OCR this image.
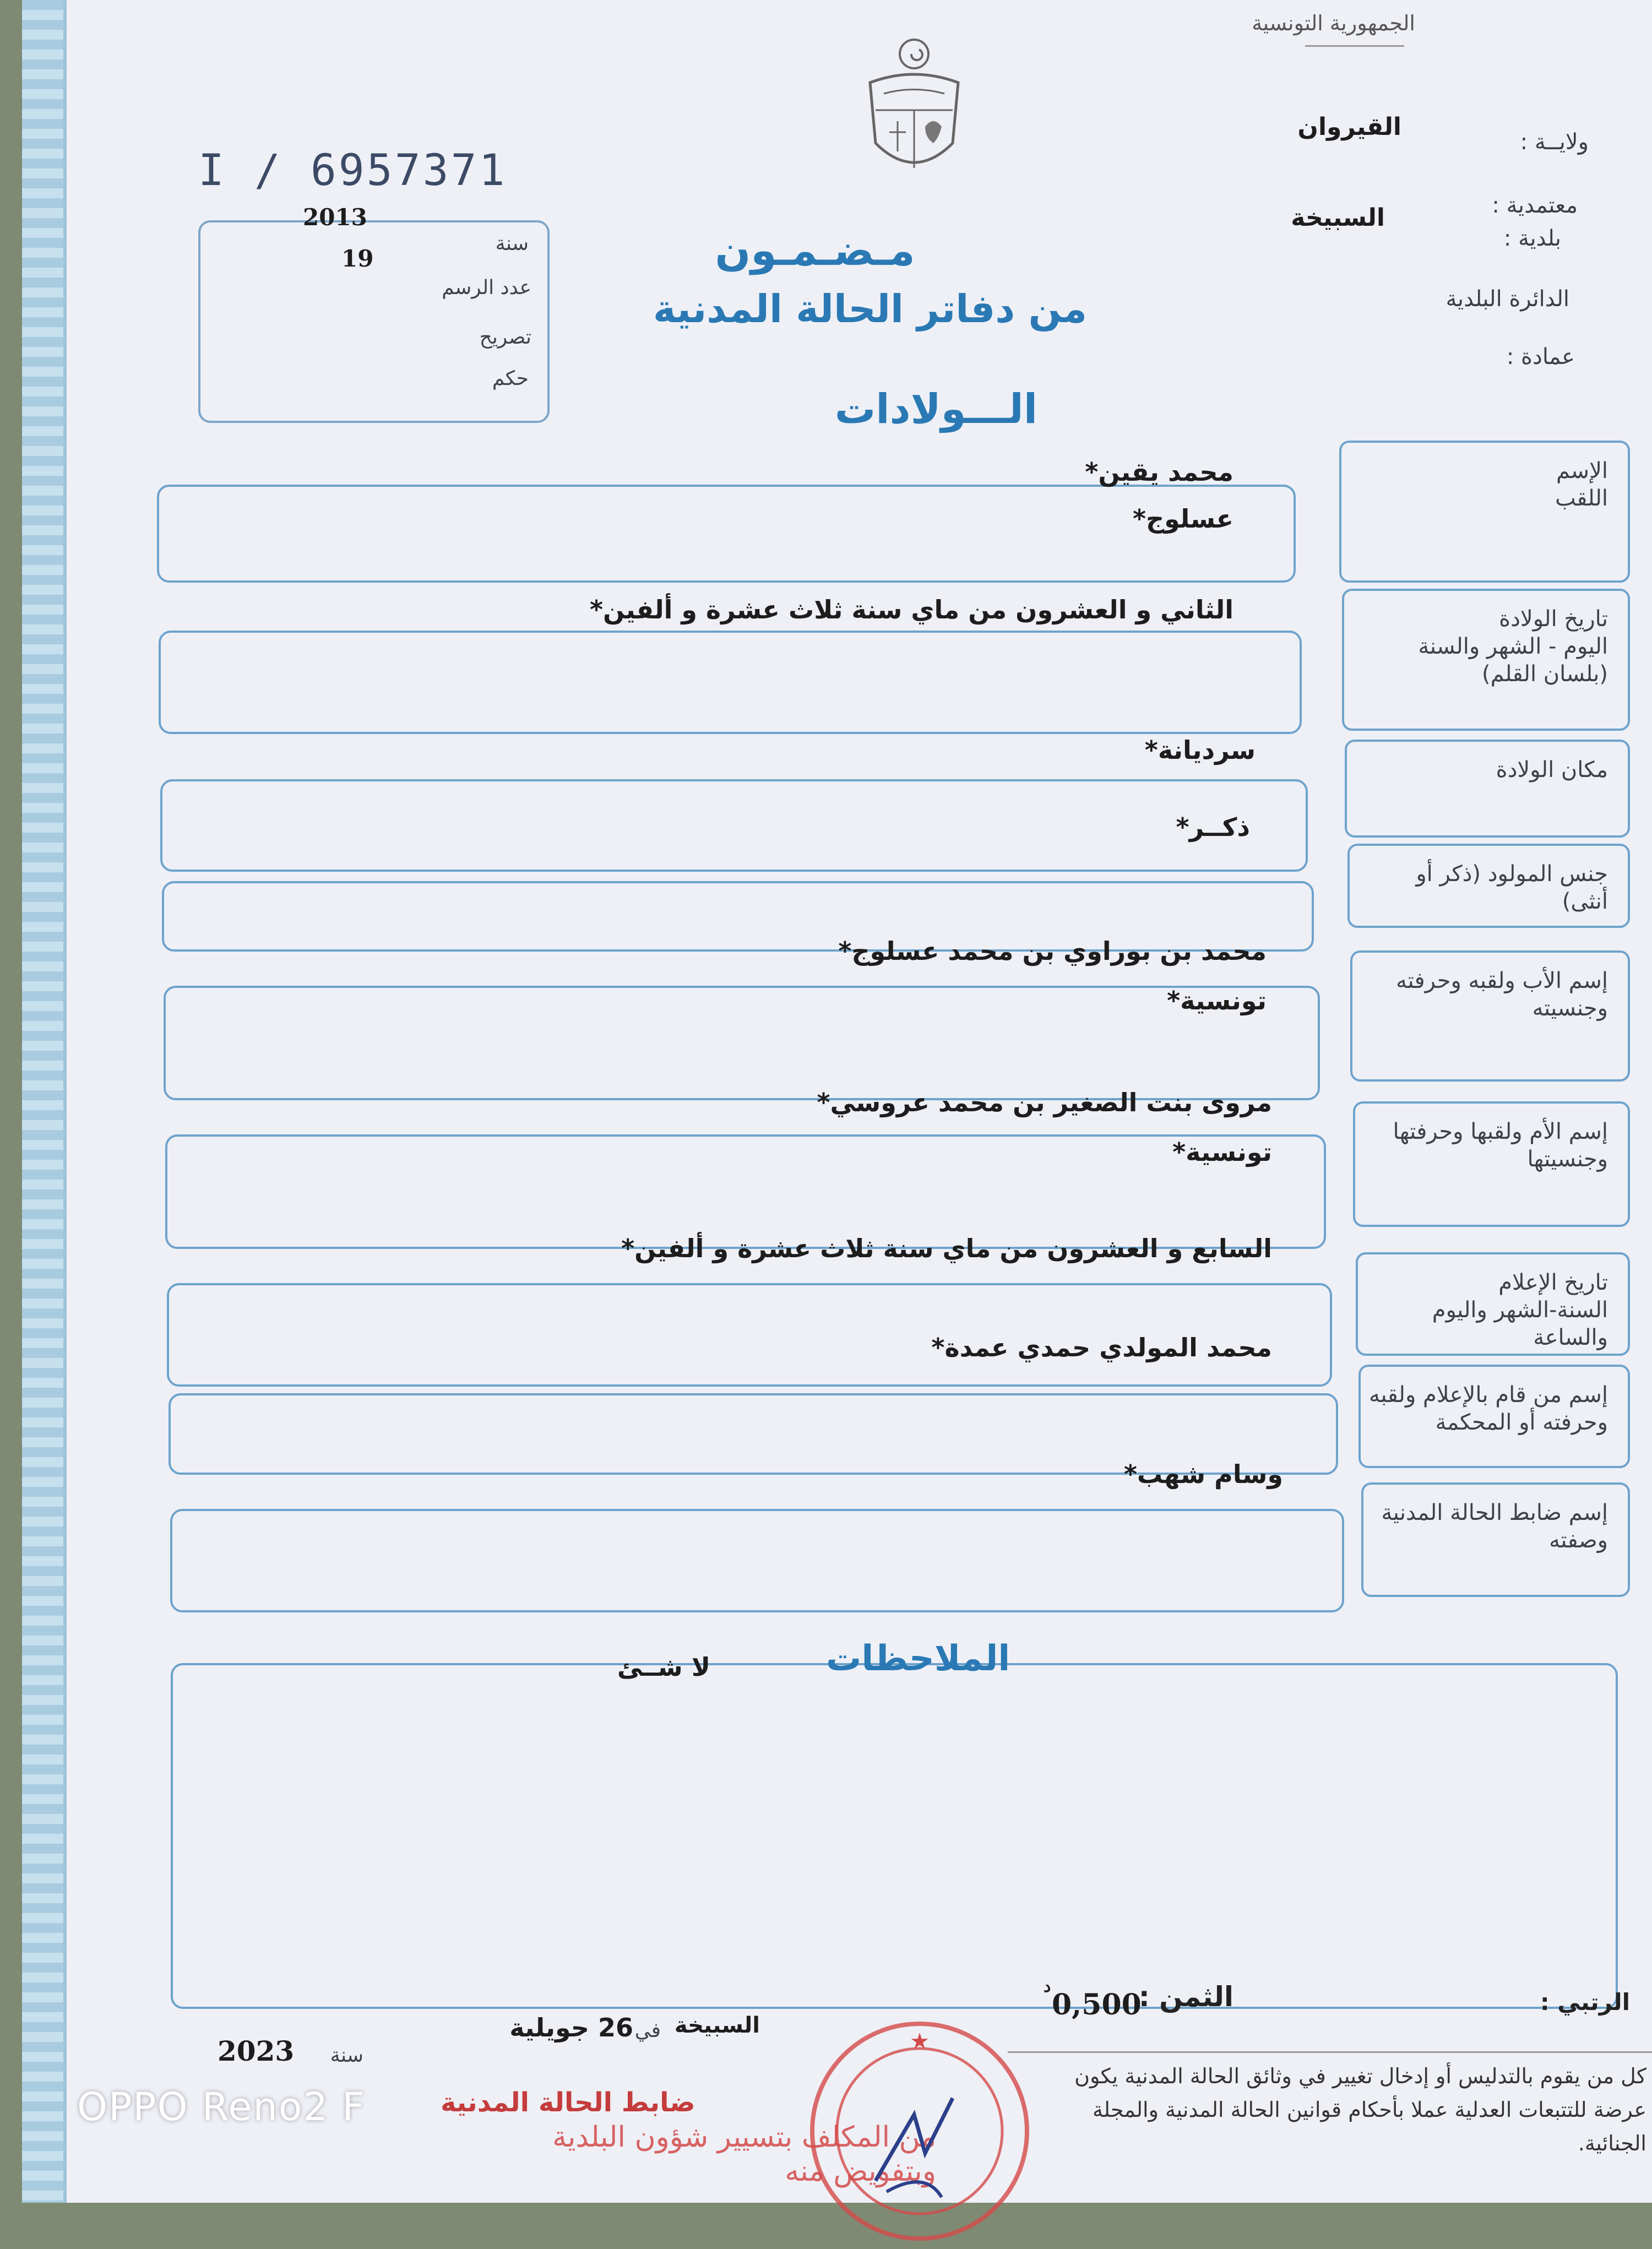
الجمهورية التونسية
I / 6957371
ولايــة :
القيروان
معتمدية :
بلدية :
السبيخة
الدائرة البلدية
عمادة :
مـضـمـون
من دفاتر الحالة المدنية
الـــولادات
2013
سنة
19
عدد الرسم
تصريح
حكم
الإسم
اللقب
محمد يقين*
عسلوج*
تاريخ الولادة
اليوم - الشهر والسنة
(بلسان القلم)
الثاني و العشرون من ماي سنة ثلاث عشرة و ألفين*
مكان الولادة
سرديانة*
جنس المولود (ذكر أو أنثى)
ذكــر*
إسم الأب ولقبه وحرفته
وجنسيته
محمد بن بوراوي بن محمد عسلوج*
تونسية*
إسم الأم ولقبها وحرفتها
وجنسيتها
مروى بنت الصغير بن محمد عروسي*
تونسية*
تاريخ الإعلام
السنة-الشهر واليوم والساعة
السابع و العشرون من ماي سنة ثلاث عشرة و ألفين*
إسم من قام بالإعلام ولقبه
وحرفته أو المحكمة
محمد المولدي حمدي عمدة*
إسم ضابط الحالة المدنية
وصفته
وسام شهب*
الملاحظات
لا شــئ
الرتبي :
الثمن :
0,500
د
السبيخة
في
26 جويلية
سنة
2023
ضابط الحالة المدنية
من المكلف بتسيير شؤون البلدية وبتفويض منه
★
كل من يقوم بالتدليس أو إدخال تغيير في وثائق الحالة المدنية يكون عرضة للتتبعات العدلية عملا بأحكام قوانين الحالة المدنية والمجلة الجنائية.
OPPO Reno2 F
